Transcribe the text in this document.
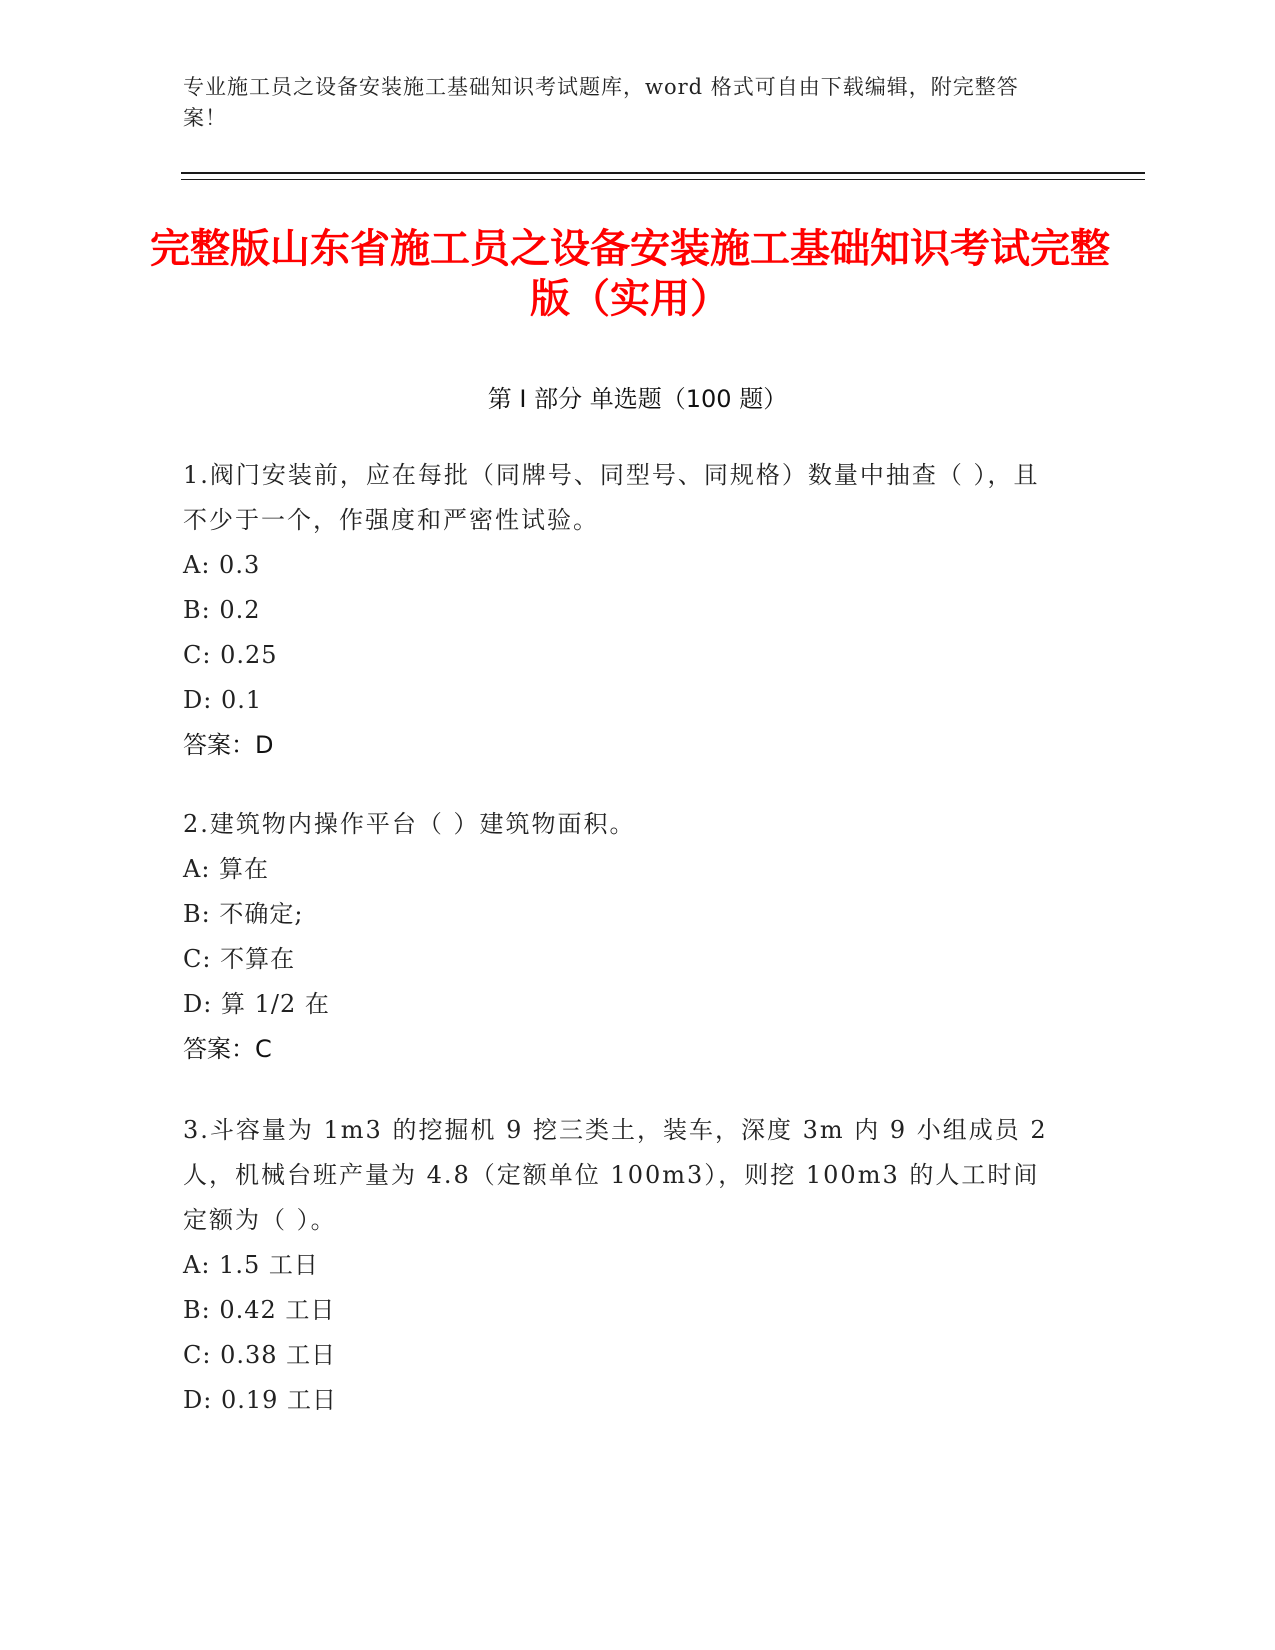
专业施工员之设备安装施工基础知识考试题库，word 格式可自由下载编辑，附完整答案！
完整版山东省施工员之设备安装施工基础知识考试完整版（实用）
第 I 部分 单选题（100 题）
1.阀门安装前，应在每批（同牌号、同型号、同规格）数量中抽查（ ），且不少于一个，作强度和严密性试验。
A: 0.3
B: 0.2
C: 0.25
D: 0.1
答案：D
2.建筑物内操作平台（ ）建筑物面积。
A: 算在
B: 不确定;
C: 不算在
D: 算 1/2 在
答案：C
3.斗容量为 1m3 的挖掘机 9 挖三类土，装车，深度 3m 内 9 小组成员 2 人，机械台班产量为 4.8（定额单位 100m3），则挖 100m3 的人工时间定额为（ ）。
A: 1.5 工日
B: 0.42 工日
C: 0.38 工日
D: 0.19 工日
